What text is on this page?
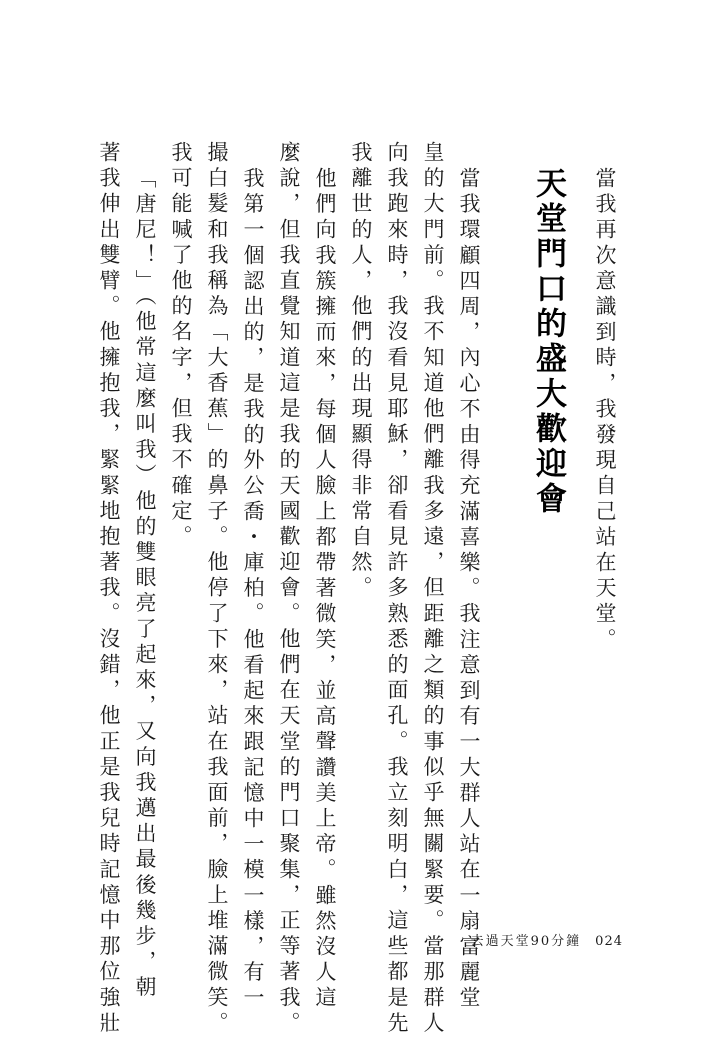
當我再次意識到時，我發現自己站在天堂。
天堂門口的盛大歡迎會
當我環顧四周，內心不由得充滿喜樂。我注意到有一大群人站在一扇富麗堂
皇的大門前。我不知道他們離我多遠，但距離之類的事似乎無關緊要。當那群人
向我跑來時，我沒看見耶穌，卻看見許多熟悉的面孔。我立刻明白，這些都是先
我離世的人，他們的出現顯得非常自然。
他們向我簇擁而來，每個人臉上都帶著微笑，並高聲讚美上帝。雖然沒人這
麼說，但我直覺知道這是我的天國歡迎會。他們在天堂的門口聚集，正等著我。
我第一個認出的，是我的外公喬・庫柏。他看起來跟記憶中一模一樣，有一
撮白髮和我稱為「大香蕉」的鼻子。他停了下來，站在我面前，臉上堆滿微笑。
我可能喊了他的名字，但我不確定。
「唐尼！」（他常這麼叫我）他的雙眼亮了起來，又向我邁出最後幾步，朝
著我伸出雙臂。他擁抱我，緊緊地抱著我。沒錯，他正是我兒時記憶中那位強壯	去過天堂90分鐘 024
